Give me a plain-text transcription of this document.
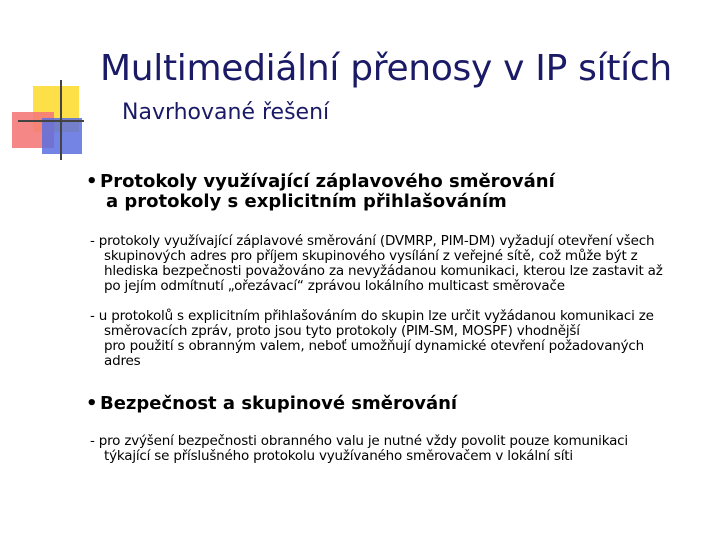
Multimediální přenosy v IP sítích
Navrhované řešení
• Protokoly využívající záplavového směrování
a protokoly s explicitním přihlašováním
- protokoly využívající záplavové směrování (DVMRP, PIM-DM) vyžadují otevření všech
skupinových adres pro příjem skupinového vysílání z veřejné sítě, což může být z
hlediska bezpečnosti považováno za nevyžádanou komunikaci, kterou lze zastavit až
po jejím odmítnutí „ořezávací“ zprávou lokálního multicast směrovače
- u protokolů s explicitním přihlašováním do skupin lze určit vyžádanou komunikaci ze
směrovacích zpráv, proto jsou tyto protokoly (PIM-SM, MOSPF) vhodnější
pro použití s obranným valem, neboť umožňují dynamické otevření požadovaných
adres
• Bezpečnost a skupinové směrování
- pro zvýšení bezpečnosti obranného valu je nutné vždy povolit pouze komunikaci
týkající se příslušného protokolu využívaného směrovačem v lokální síti
